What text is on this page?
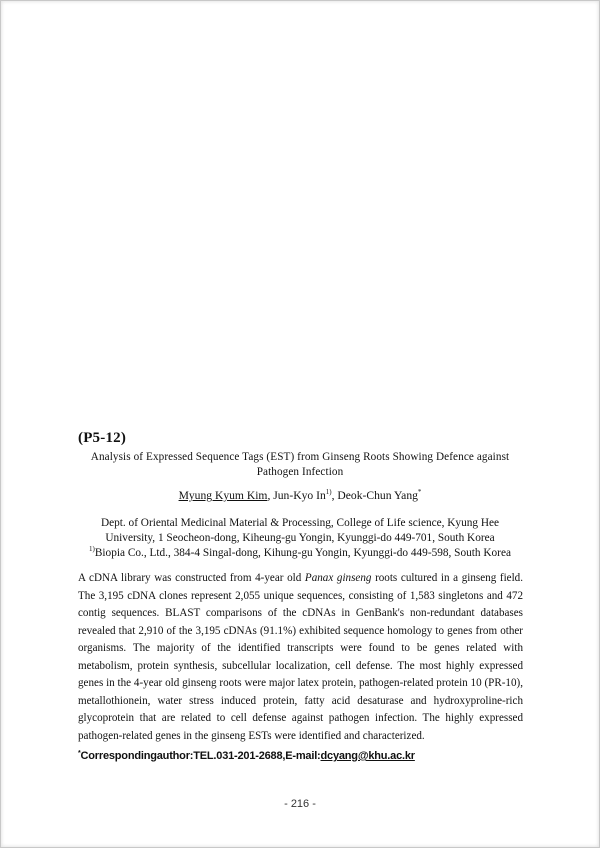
(P5-12)
Analysis of Expressed Sequence Tags (EST) from Ginseng Roots Showing Defence against Pathogen Infection
Myung Kyum Kim, Jun-Kyo In$^{1)}$, Deok-Chun Yang*
Dept. of Oriental Medicinal Material & Processing, College of Life science, Kyung Hee
University, 1 Seocheon-dong, Kiheung-gu Yongin, Kyunggi-do 449-701, South Korea
$^{1)}$Biopia Co., Ltd., 384-4 Singal-dong, Kihung-gu Yongin, Kyunggi-do 449-598, South Korea

A cDNA library was constructed from 4-year old Panax ginseng roots cultured in a ginseng field. The 3,195 cDNA clones represent 2,055 unique sequences, consisting of 1,583 singletons and 472 contig sequences. BLAST comparisons of the cDNAs in GenBank's non-redundant databases revealed that 2,910 of the 3,195 cDNAs (91.1%) exhibited sequence homology to genes from other organisms. The majority of the identified transcripts were found to be genes related with metabolism, protein synthesis, subcellular localization, cell defense. The most highly expressed genes in the 4-year old ginseng roots were major latex protein, pathogen-related protein 10 (PR-10), metallothionein, water stress induced protein, fatty acid desaturase and hydroxyproline-rich glycoprotein that are related to cell defense against pathogen infection. The highly expressed pathogen-related genes in the ginseng ESTs were identified and characterized.

*Correspondingauthor:TEL.031-201-2688,E-mail:dcyang@khu.ac.kr
- 216 -
